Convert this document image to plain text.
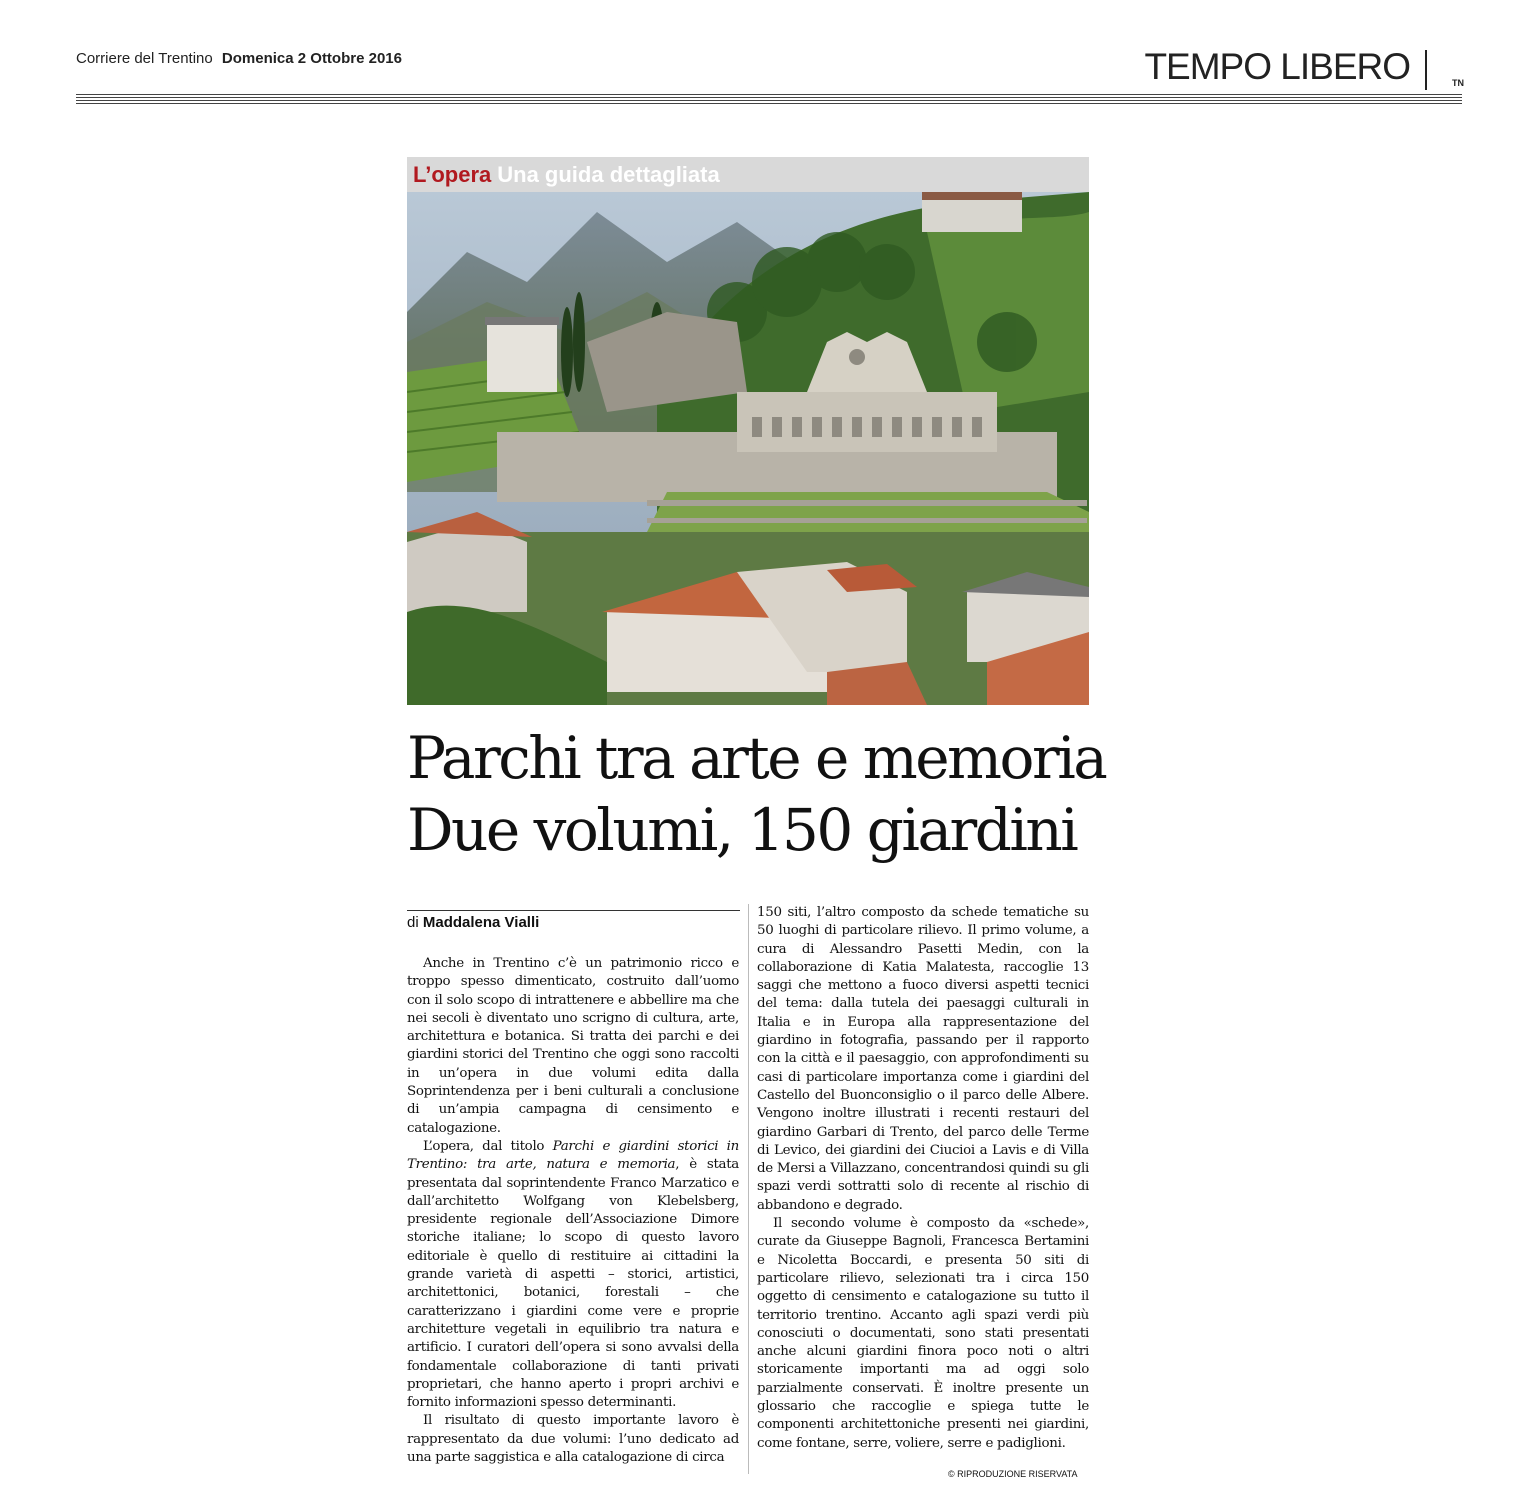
Corriere del Trentino Domenica 2 Ottobre 2016	TEMPO LIBERO	TN
L’opera Una guida dettagliata
Parchi tra arte e memoria
Due volumi, 150 giardini
di Maddalena Vialli

Anche in Trentino c’è un patrimonio ricco e troppo spesso dimenticato, costruito dall’uomo con il solo scopo di intrattenere e abbellire ma che nei secoli è diventato uno scrigno di cultura, arte, architettura e botanica. Si tratta dei parchi e dei giardini storici del Trentino che oggi sono raccolti in un’opera in due volumi edita dalla Soprintendenza per i beni culturali a conclusione di un’ampia campagna di censimento e catalogazione.

L’opera, dal titolo Parchi e giardini storici in Trentino: tra arte, natura e memoria, è stata presentata dal soprintendente Franco Marzatico e dall’architetto Wolfgang von Klebelsberg, presidente regionale dell’Associazione Dimore storiche italiane; lo scopo di questo lavoro editoriale è quello di restituire ai cittadini la grande varietà di aspetti – storici, artistici, architettonici, botanici, forestali – che caratterizzano i giardini come vere e proprie architetture vegetali in equilibrio tra natura e artificio. I curatori dell’opera si sono avvalsi della fondamentale collaborazione di tanti privati proprietari, che hanno aperto i propri archivi e fornito informazioni spesso determinanti.

Il risultato di questo importante lavoro è rappresentato da due volumi: l’uno dedicato ad una parte saggistica e alla catalogazione di circa

150 siti, l’altro composto da schede tematiche su 50 luoghi di particolare rilievo. Il primo volume, a cura di Alessandro Pasetti Medin, con la collaborazione di Katia Malatesta, raccoglie 13 saggi che mettono a fuoco diversi aspetti tecnici del tema: dalla tutela dei paesaggi culturali in Italia e in Europa alla rappresentazione del giardino in fotografia, passando per il rapporto con la città e il paesaggio, con approfondimenti su casi di particolare importanza come i giardini del Castello del Buonconsiglio o il parco delle Albere. Vengono inoltre illustrati i recenti restauri del giardino Garbari di Trento, del parco delle Terme di Levico, dei giardini dei Ciucioi a Lavis e di Villa de Mersi a Villazzano, concentrandosi quindi su gli spazi verdi sottratti solo di recente al rischio di abbandono e degrado.

Il secondo volume è composto da «schede», curate da Giuseppe Bagnoli, Francesca Bertamini e Nicoletta Boccardi, e presenta 50 siti di particolare rilievo, selezionati tra i circa 150 oggetto di censimento e catalogazione su tutto il territorio trentino. Accanto agli spazi verdi più conosciuti o documentati, sono stati presentati anche alcuni giardini finora poco noti o altri storicamente importanti ma ad oggi solo parzialmente conservati. È inoltre presente un glossario che raccoglie e spiega tutte le componenti architettoniche presenti nei giardini, come fontane, serre, voliere, serre e padiglioni.

© RIPRODUZIONE RISERVATA
